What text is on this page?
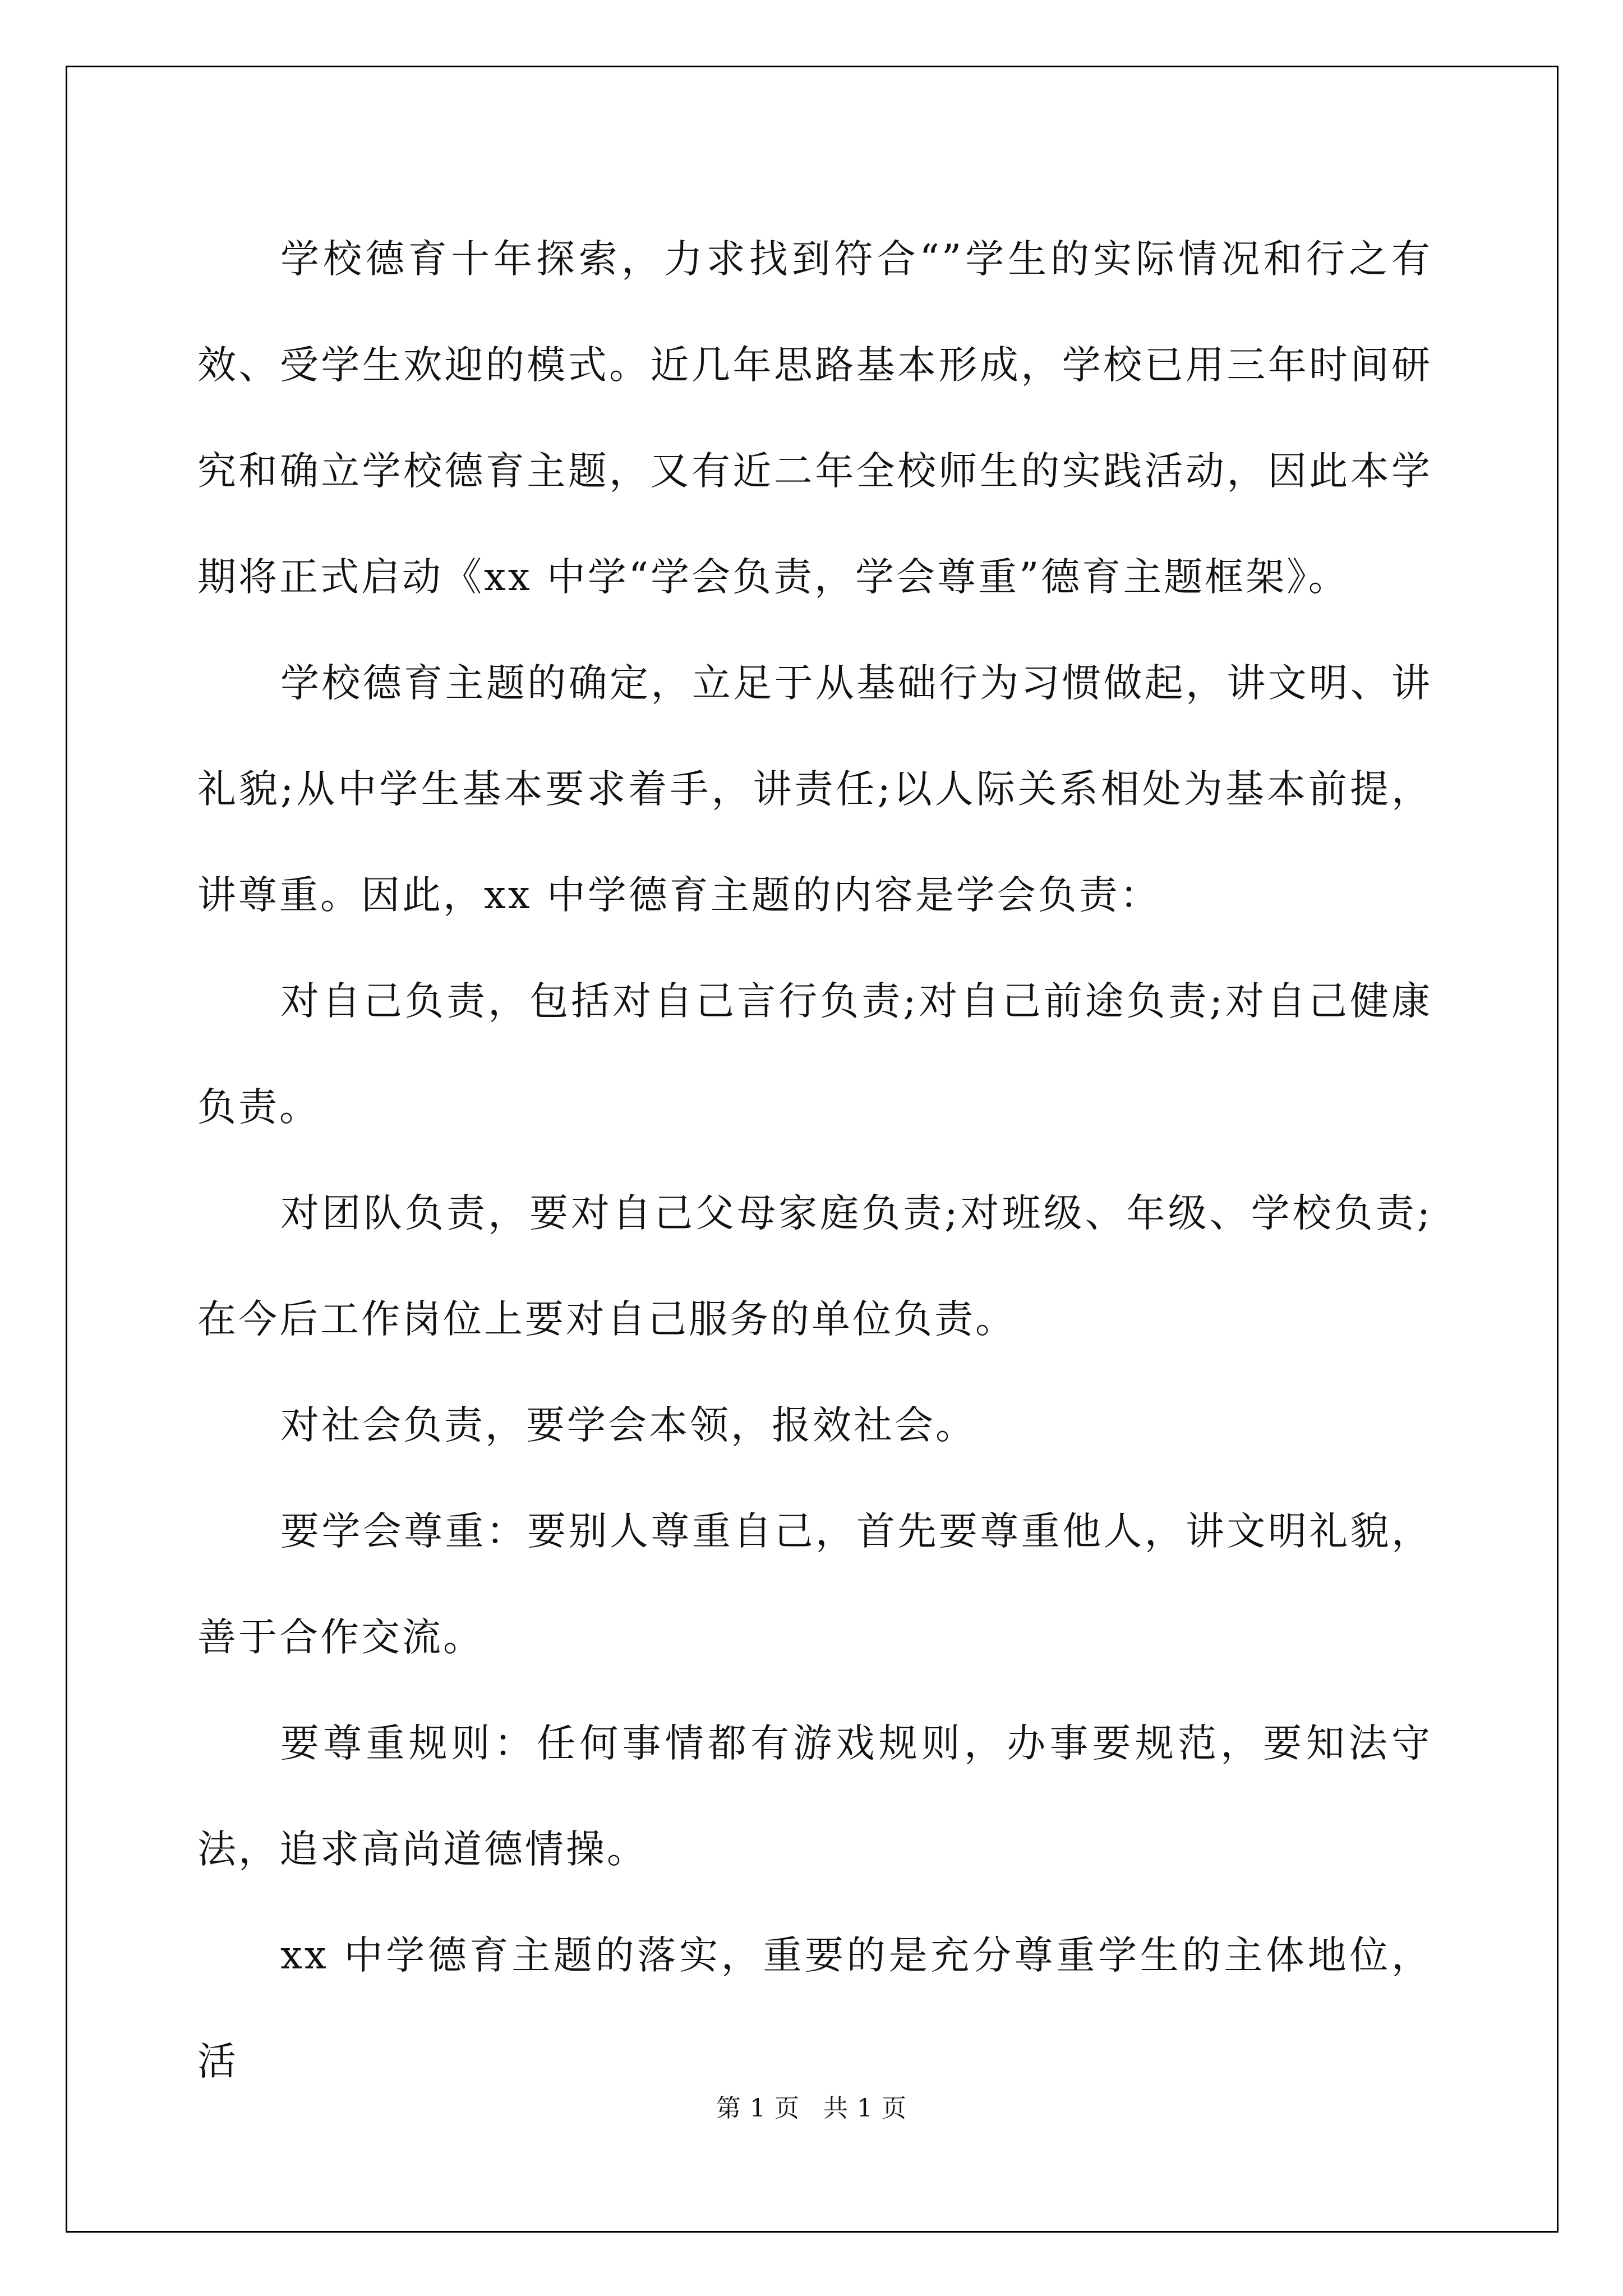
学校德育十年探索，力求找到符合“”学生的实际情况和行之有效、受学生欢迎的模式。近几年思路基本形成，学校已用三年时间研究和确立学校德育主题，又有近二年全校师生的实践活动，因此本学期将正式启动《xx 中学“学会负责，学会尊重”德育主题框架》。

学校德育主题的确定，立足于从基础行为习惯做起，讲文明、讲礼貌;从中学生基本要求着手，讲责任;以人际关系相处为基本前提，讲尊重。因此，xx 中学德育主题的内容是学会负责：

对自己负责，包括对自己言行负责;对自己前途负责;对自己健康负责。

对团队负责，要对自己父母家庭负责;对班级、年级、学校负责;在今后工作岗位上要对自己服务的单位负责。

对社会负责，要学会本领，报效社会。

要学会尊重：要别人尊重自己，首先要尊重他人，讲文明礼貌，善于合作交流。

要尊重规则：任何事情都有游戏规则，办事要规范，要知法守法，追求高尚道德情操。

xx 中学德育主题的落实，重要的是充分尊重学生的主体地位，活

第 1 页 共 1 页
